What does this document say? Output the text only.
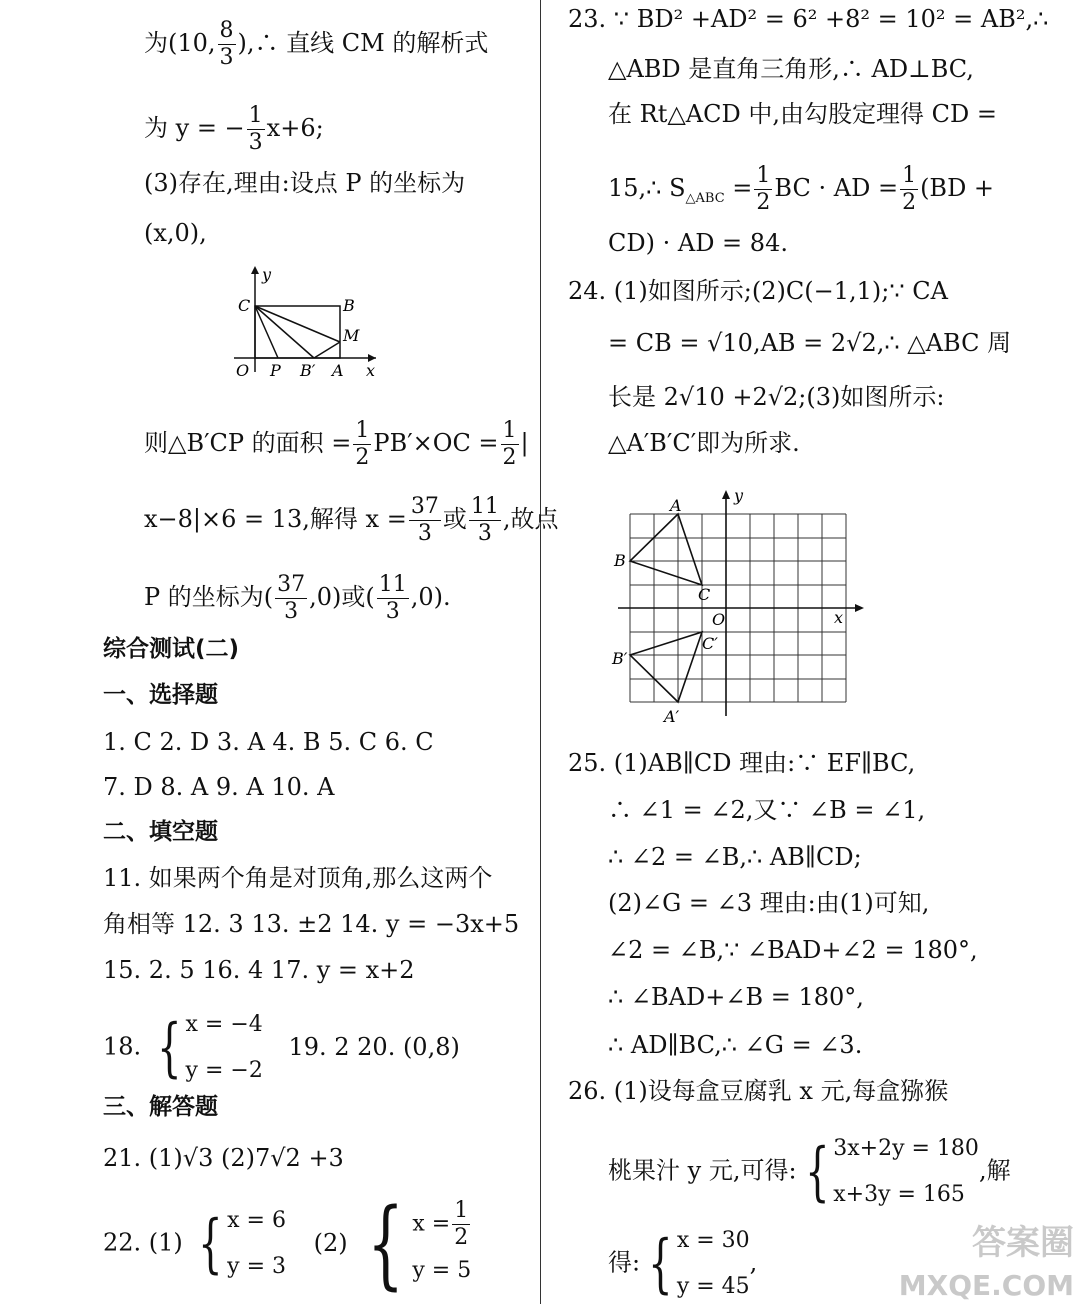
为(10, $\frac{8}{3}$ ),∴ 直线 CM 的解析式
为 y = − $\frac{1}{3} x+6$;
(3)存在,理由:设点 P 的坐标为
(x,0),
y
C	B
M
O P B′ A x
则△B′CP 的面积 = $\frac{1}{2} PB'\times OC = \frac{1}{2}$ |
x−8|×6 = 13,解得 $x = \frac{37}{3}$ 或 $\frac{11}{3}$ ,故点
P 的坐标为( $\frac{37}{3} ,0$)或( $\frac{11}{3} ,0$).
综合测试(二)
一、选择题
1. C 2. D 3. A 4. B 5. C 6. C
7. D 8. A 9. A 10. A
二、填空题
11. 如果两个角是对顶角,那么这两个
角相等 12. 3 13. ±2 14. y = −3x+5
15. 2. 5 16. 4 17. y = x+2
18. { x = −4
y = −2
19. 2 20. (0,8)
三、解答题
21. (1)√3 (2)7√2 +3
22. (1) { x = 6
y = 3
(2) { $x = \frac{1}{2}$
y = 5
23. ∵ BD² +AD² = 6² +8² = 10² = AB²,∴
△ABD 是直角三角形,∴ AD⊥BC,
在 Rt△ACD 中,由勾股定理得 CD =
15,∴ $S_{\triangle ABC} = \frac{1}{2}$ BC · AD = $\frac{1}{2} (BD$ +
CD) · AD = 84.
24. (1)如图所示;(2)C(−1,1);∵ CA
= CB = √10,AB = 2√2,∴ △ABC 周
长是 2√10 +2√2;(3)如图所示:
△A′B′C′即为所求.
y
x
O
A
B
C
A′
B′
C′
25. (1)AB∥CD 理由:∵ EF∥BC,
∴ ∠1 = ∠2,又∵ ∠B = ∠1,
∴ ∠2 = ∠B,∴ AB∥CD;
(2)∠G = ∠3 理由:由(1)可知,
∠2 = ∠B,∵ ∠BAD+∠2 = 180°,
∴ ∠BAD+∠B = 180°,
∴ AD∥BC,∴ ∠G = ∠3.
26. (1)设每盒豆腐乳 x 元,每盒猕猴
桃果汁 y 元,可得: { 3x+2y = 180
x+3y = 165
,解
得: { x = 30
y = 45
,	答案圈
MXQE.COM
